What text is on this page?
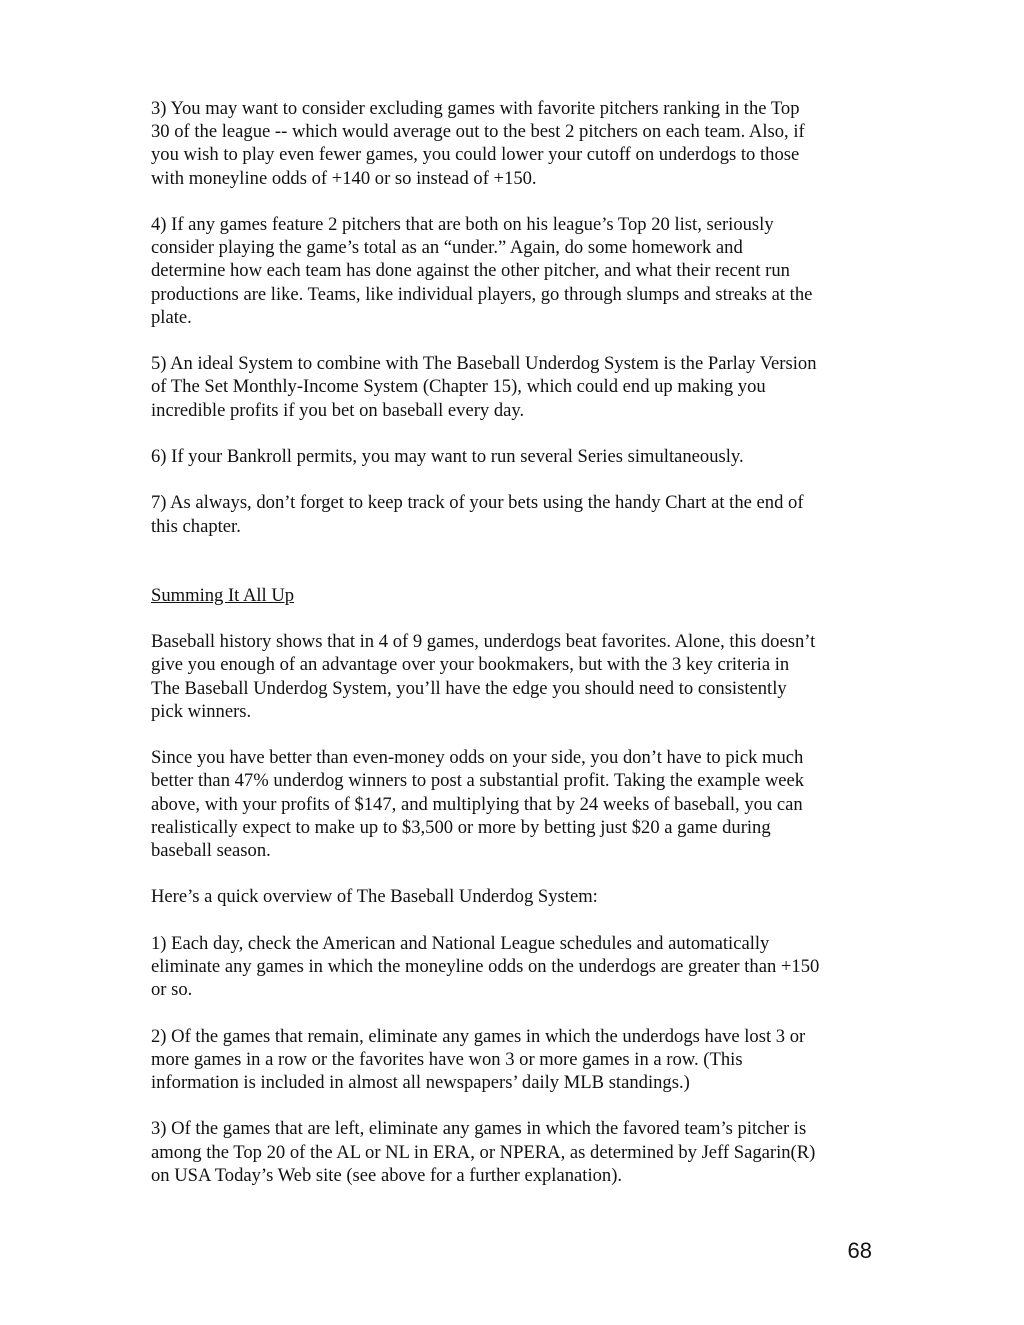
3) You may want to consider excluding games with favorite pitchers ranking in the Top
30 of the league -- which would average out to the best 2 pitchers on each team. Also, if
you wish to play even fewer games, you could lower your cutoff on underdogs to those
with moneyline odds of +140 or so instead of +150.

4) If any games feature 2 pitchers that are both on his league’s Top 20 list, seriously
consider playing the game’s total as an “under.” Again, do some homework and
determine how each team has done against the other pitcher, and what their recent run
productions are like. Teams, like individual players, go through slumps and streaks at the
plate.

5) An ideal System to combine with The Baseball Underdog System is the Parlay Version
of The Set Monthly-Income System (Chapter 15), which could end up making you
incredible profits if you bet on baseball every day.

6) If your Bankroll permits, you may want to run several Series simultaneously.

7) As always, don’t forget to keep track of your bets using the handy Chart at the end of
this chapter.

Summing It All Up

Baseball history shows that in 4 of 9 games, underdogs beat favorites. Alone, this doesn’t
give you enough of an advantage over your bookmakers, but with the 3 key criteria in
The Baseball Underdog System, you’ll have the edge you should need to consistently
pick winners.

Since you have better than even-money odds on your side, you don’t have to pick much
better than 47% underdog winners to post a substantial profit. Taking the example week
above, with your profits of $147, and multiplying that by 24 weeks of baseball, you can
realistically expect to make up to $3,500 or more by betting just $20 a game during
baseball season.

Here’s a quick overview of The Baseball Underdog System:

1) Each day, check the American and National League schedules and automatically
eliminate any games in which the moneyline odds on the underdogs are greater than +150
or so.

2) Of the games that remain, eliminate any games in which the underdogs have lost 3 or
more games in a row or the favorites have won 3 or more games in a row. (This
information is included in almost all newspapers’ daily MLB standings.)

3) Of the games that are left, eliminate any games in which the favored team’s pitcher is
among the Top 20 of the AL or NL in ERA, or NPERA, as determined by Jeff Sagarin(R)
on USA Today’s Web site (see above for a further explanation).

68
